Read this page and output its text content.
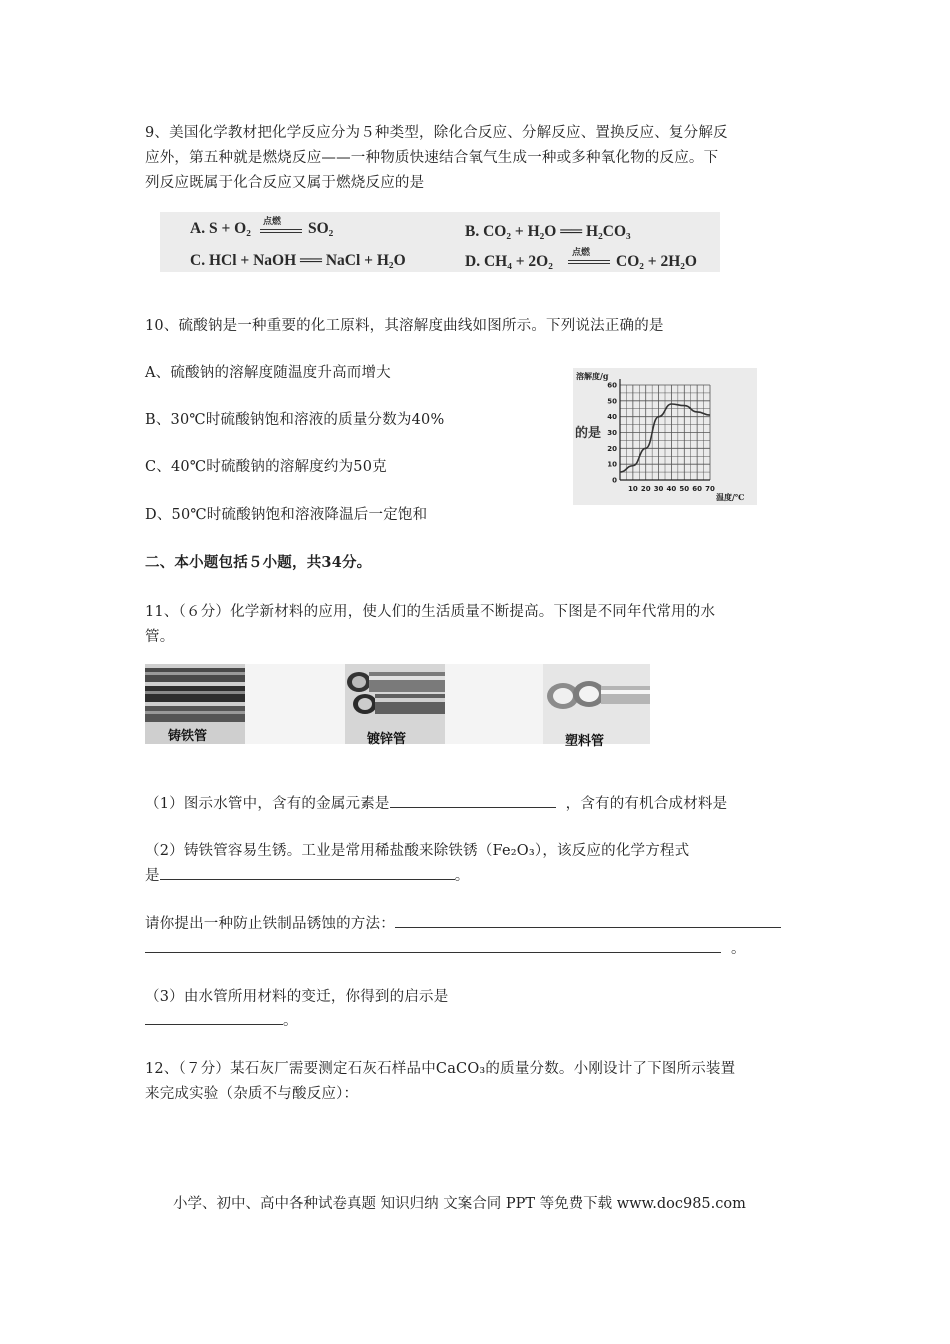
9、美国化学教材把化学反应分为５种类型，除化合反应、分解反应、置换反应、复分解反
应外，第五种就是燃烧反应——一种物质快速结合氧气生成一种或多种氧化物的反应。下
列反应既属于化合反应又属于燃烧反应的是
A. S + O₂ 点燃 SO₂	B. CO₂ + H₂O ══ H₂CO₃
C. HCl + NaOH ══ NaCl + H₂O	D. CH₄ + 2O₂ 点燃 CO₂ + 2H₂O
10、硫酸钠是一种重要的化工原料，其溶解度曲线如图所示。下列说法正确的是
A、硫酸钠的溶解度随温度升高而增大
B、30℃时硫酸钠饱和溶液的质量分数为40%
C、40℃时硫酸钠的溶解度约为50克
D、50℃时硫酸钠饱和溶液降温后一定饱和
的是
10 20 30 40 50 60 70
0
10
20
30
40
50
60
溶解度/g
温度/℃
二、本小题包括５小题，共34分。
11、（６分）化学新材料的应用，使人们的生活质量不断提高。下图是不同年代常用的水
管。
铸铁管	镀锌管	塑料管
（1）图示水管中，含有的金属元素是	，含有的有机合成材料是
（2）铸铁管容易生锈。工业是常用稀盐酸来除铁锈（Fe₂O₃），该反应的化学方程式
是	。
请你提出一种防止铁制品锈蚀的方法：
。
（3）由水管所用材料的变迁，你得到的启示是
。
12、（７分）某石灰厂需要测定石灰石样品中CaCO₃的质量分数。小刚设计了下图所示装置
来完成实验（杂质不与酸反应）：
小学、初中、高中各种试卷真题 知识归纳 文案合同 PPT 等免费下载 www.doc985.com
